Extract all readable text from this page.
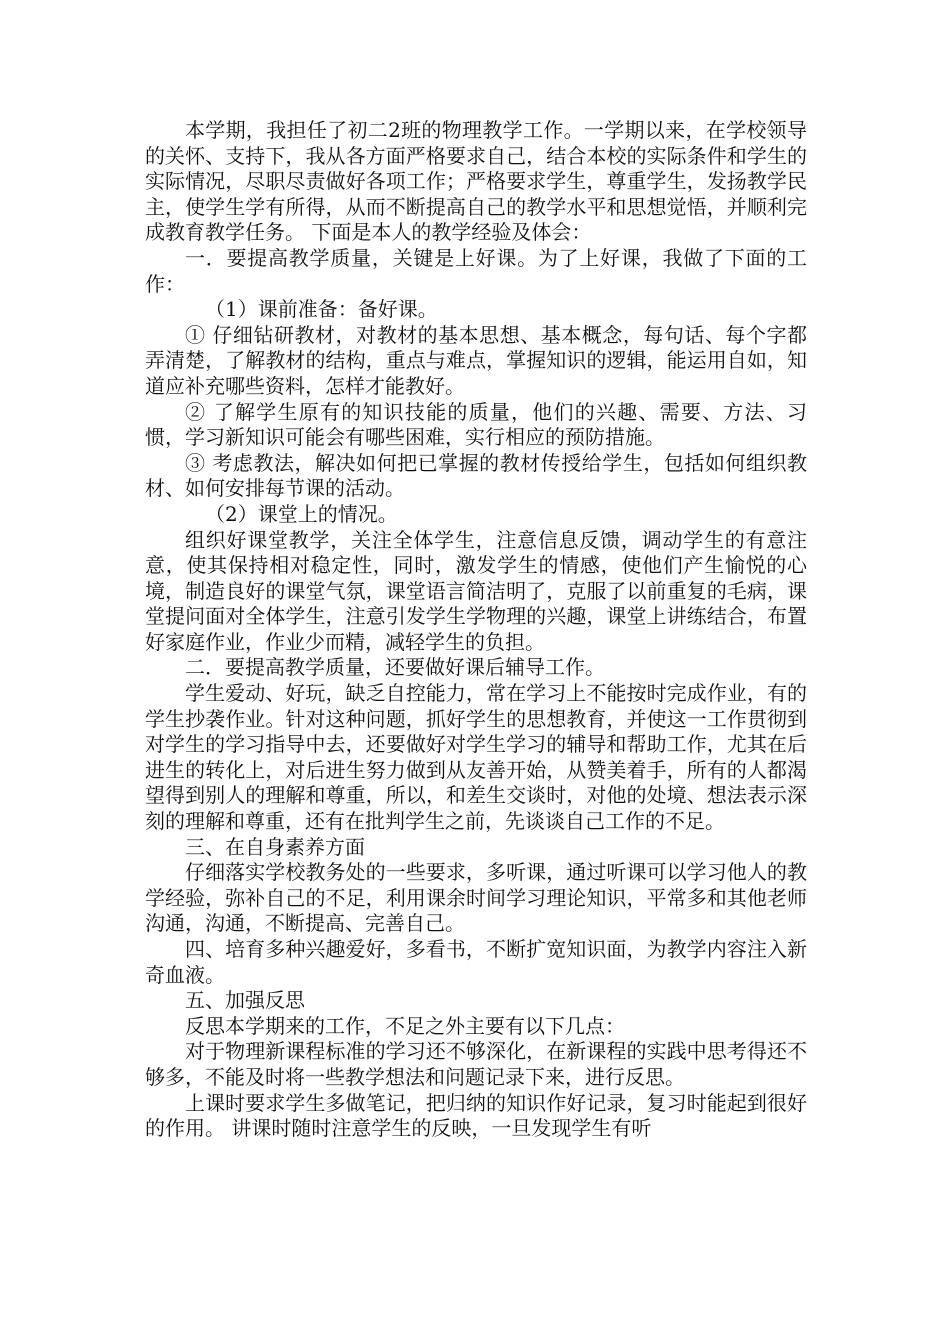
本学期，我担任了初二2班的物理教学工作。一学期以来，在学校领导的关怀、支持下，我从各方面严格要求自己，结合本校的实际条件和学生的实际情况，尽职尽责做好各项工作；严格要求学生，尊重学生，发扬教学民主，使学生学有所得，从而不断提高自己的教学水平和思想觉悟，并顺利完成教育教学任务。 下面是本人的教学经验及体会：

一．要提高教学质量，关键是上好课。为了上好课，我做了下面的工作：

（1）课前准备：备好课。

① 仔细钻研教材，对教材的基本思想、基本概念，每句话、每个字都弄清楚，了解教材的结构，重点与难点，掌握知识的逻辑，能运用自如，知道应补充哪些资料，怎样才能教好。

② 了解学生原有的知识技能的质量，他们的兴趣、需要、方法、习惯，学习新知识可能会有哪些困难，实行相应的预防措施。

③ 考虑教法，解决如何把已掌握的教材传授给学生，包括如何组织教材、如何安排每节课的活动。

（2）课堂上的情况。

组织好课堂教学，关注全体学生，注意信息反馈，调动学生的有意注意，使其保持相对稳定性，同时，激发学生的情感，使他们产生愉悦的心境，制造良好的课堂气氛，课堂语言简洁明了，克服了以前重复的毛病，课堂提问面对全体学生，注意引发学生学物理的兴趣，课堂上讲练结合，布置好家庭作业，作业少而精，减轻学生的负担。

二．要提高教学质量，还要做好课后辅导工作。

学生爱动、好玩，缺乏自控能力，常在学习上不能按时完成作业，有的学生抄袭作业。针对这种问题，抓好学生的思想教育，并使这一工作贯彻到对学生的学习指导中去，还要做好对学生学习的辅导和帮助工作，尤其在后进生的转化上，对后进生努力做到从友善开始，从赞美着手，所有的人都渴望得到别人的理解和尊重，所以，和差生交谈时，对他的处境、想法表示深刻的理解和尊重，还有在批判学生之前，先谈谈自己工作的不足。

三、在自身素养方面

仔细落实学校教务处的一些要求，多听课，通过听课可以学习他人的教学经验，弥补自己的不足，利用课余时间学习理论知识，平常多和其他老师沟通，沟通，不断提高、完善自己。

四、培育多种兴趣爱好，多看书，不断扩宽知识面，为教学内容注入新奇血液。

五、加强反思

反思本学期来的工作，不足之外主要有以下几点：

对于物理新课程标准的学习还不够深化，在新课程的实践中思考得还不够多，不能及时将一些教学想法和问题记录下来，进行反思。

上课时要求学生多做笔记，把归纳的知识作好记录，复习时能起到很好的作用。 讲课时随时注意学生的反映，一旦发现学生有听
